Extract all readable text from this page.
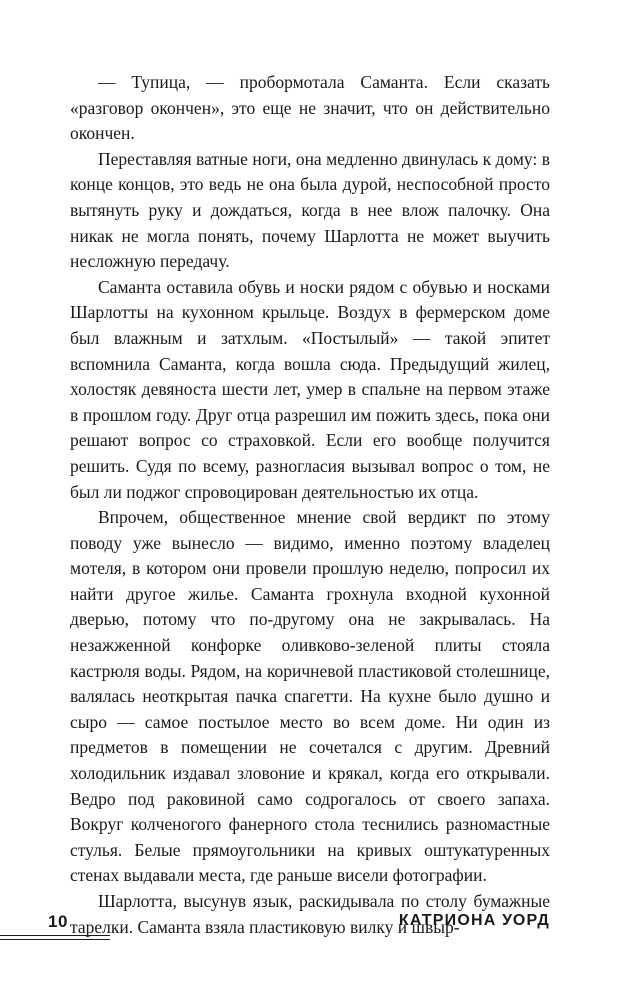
— Тупица, — пробормотала Саманта. Если сказать «разговор окончен», это еще не значит, что он действительно окончен.

Переставляя ватные ноги, она медленно двинулась к дому: в конце концов, это ведь не она была дурой, неспособной просто вытянуть руку и дождаться, когда в нее влож палочку. Она никак не могла понять, почему Шарлотта не может выучить несложную передачу.

Саманта оставила обувь и носки рядом с обувью и носками Шарлотты на кухонном крыльце. Воздух в фермерском доме был влажным и затхлым. «Постылый» — такой эпитет вспомнила Саманта, когда вошла сюда. Предыдущий жилец, холостяк девяноста шести лет, умер в спальне на первом этаже в прошлом году. Друг отца разрешил им пожить здесь, пока они решают вопрос со страховкой. Если его вообще получится решить. Судя по всему, разногласия вызывал вопрос о том, не был ли поджог спровоцирован деятельностью их отца.

Впрочем, общественное мнение свой вердикт по этому поводу уже вынесло — видимо, именно поэтому владелец мотеля, в котором они провели прошлую неделю, попросил их найти другое жилье. Саманта грохнула входной кухонной дверью, потому что по-другому она не закрывалась. На незажженной конфорке оливково-зеленой плиты стояла кастрюля воды. Рядом, на коричневой пластиковой столешнице, валялась неоткрытая пачка спагетти. На кухне было душно и сыро — самое постылое место во всем доме. Ни один из предметов в помещении не сочетался с другим. Древний холодильник издавал зловоние и крякал, когда его открывали. Ведро под раковиной само содрогалось от своего запаха. Вокруг колченогого фанерного стола теснились разномастные стулья. Белые прямоугольники на кривых оштукатуренных стенах выдавали места, где раньше висели фотографии.

Шарлотта, высунув язык, раскидывала по столу бумажные тарелки. Саманта взяла пластиковую вилку и швыр-

10	КАТРИОНА УОРД
